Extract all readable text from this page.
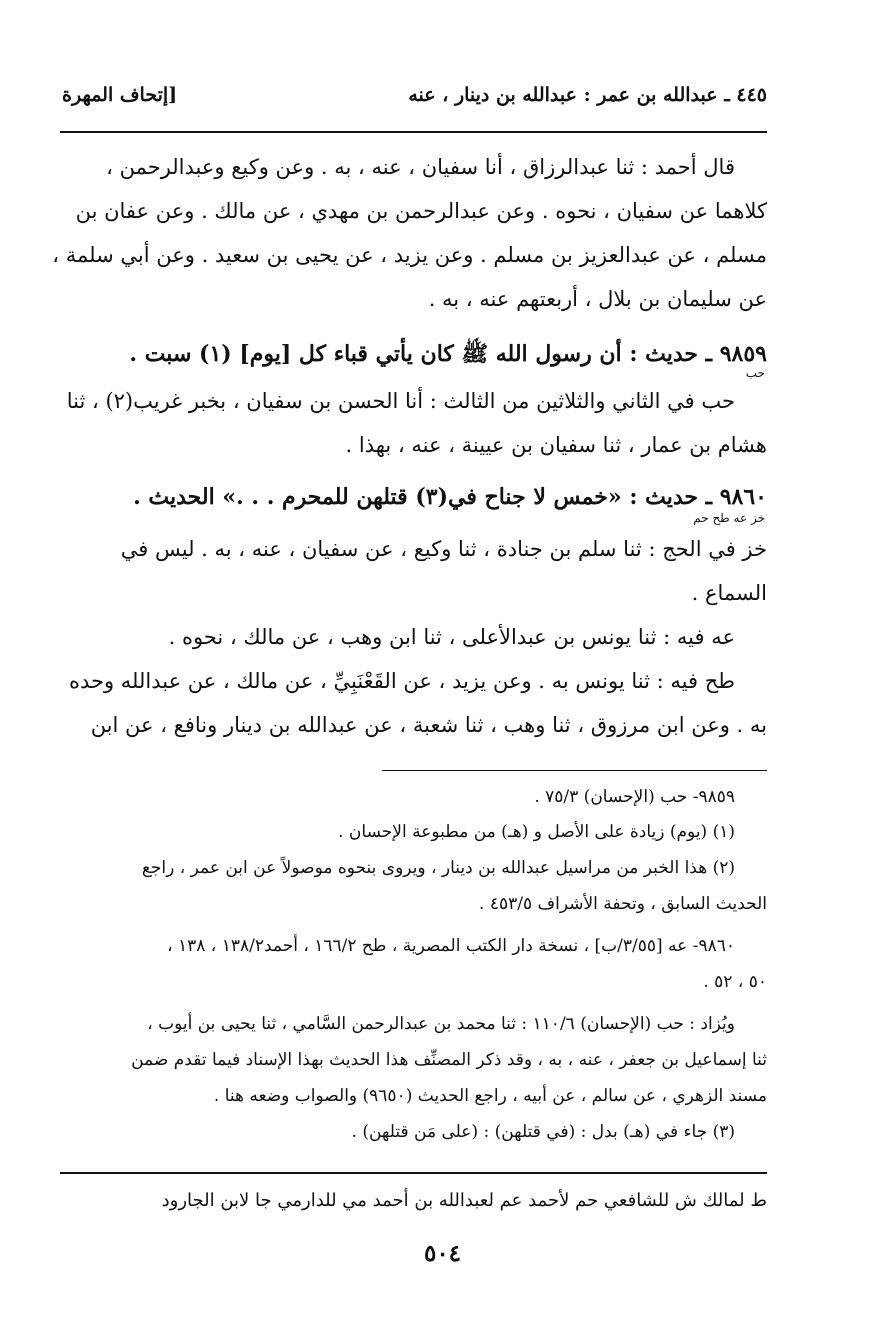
٤٤٥ ـ عبدالله بن عمر : عبدالله بن دينار ، عنه
[إتحاف المهرة
قال أحمد : ثنا عبدالرزاق ، أنا سفيان ، عنه ، به . وعن وكيع وعبدالرحمن ،
كلاهما عن سفيان ، نحوه . وعن عبدالرحمن بن مهدي ، عن مالك . وعن عفان بن
مسلم ، عن عبدالعزيز بن مسلم . وعن يزيد ، عن يحيى بن سعيد . وعن أبي سلمة ،
عن سليمان بن بلال ، أربعتهم عنه ، به .
٩٨٥٩ ـ حديث : أن رسول الله ﷺ كان يأتي قباء كل [يوم] (١) سبت .
حب
حب في الثاني والثلاثين من الثالث : أنا الحسن بن سفيان ، بخبر غريب(٢) ، ثنا
هشام بن عمار ، ثنا سفيان بن عيينة ، عنه ، بهذا .
٩٨٦٠ ـ حديث : «خمس لا جناح في(٣) قتلهن للمحرم . . .» الحديث .
خز عه طح حم
خز في الحج : ثنا سلم بن جنادة ، ثنا وكيع ، عن سفيان ، عنه ، به . ليس في
السماع .
عه فيه : ثنا يونس بن عبدالأعلى ، ثنا ابن وهب ، عن مالك ، نحوه .
طح فيه : ثنا يونس به . وعن يزيد ، عن القَعْنَبِيِّ ، عن مالك ، عن عبدالله وحده
به . وعن ابن مرزوق ، ثنا وهب ، ثنا شعبة ، عن عبدالله بن دينار ونافع ، عن ابن
٩٨٥٩- حب (الإحسان) ٧٥/٣ .
(١) (يوم) زيادة على الأصل و (هـ) من مطبوعة الإحسان .
(٢) هذا الخبر من مراسيل عبدالله بن دينار ، ويروى بنحوه موصولاً عن ابن عمر ، راجع
الحديث السابق ، وتحفة الأشراف ٤٥٣/٥ .
٩٨٦٠- عه [٣/٥٥/ب] ، نسخة دار الكتب المصرية ، طح ١٦٦/٢ ، أحمد١٣٨/٢ ، ١٣٨ ،
٥٠ ، ٥٢ .
ويُزاد : حب (الإحسان) ١١٠/٦ : ثنا محمد بن عبدالرحمن السَّامي ، ثنا يحيى بن أيوب ،
ثنا إسماعيل بن جعفر ، عنه ، به ، وقد ذكر المصنِّف هذا الحديث بهذا الإسناد فيما تقدم ضمن
مسند الزهري ، عن سالم ، عن أبيه ، راجع الحديث (٩٦٥٠) والصواب وضعه هنا .
(٣) جاء في (هـ) بدل : (في قتلهن) : (على مَن قتلهن) .
ط لمالك ش للشافعي حم لأحمد عم لعبدالله بن أحمد مي للدارمي جا لابن الجارود
٥٠٤
